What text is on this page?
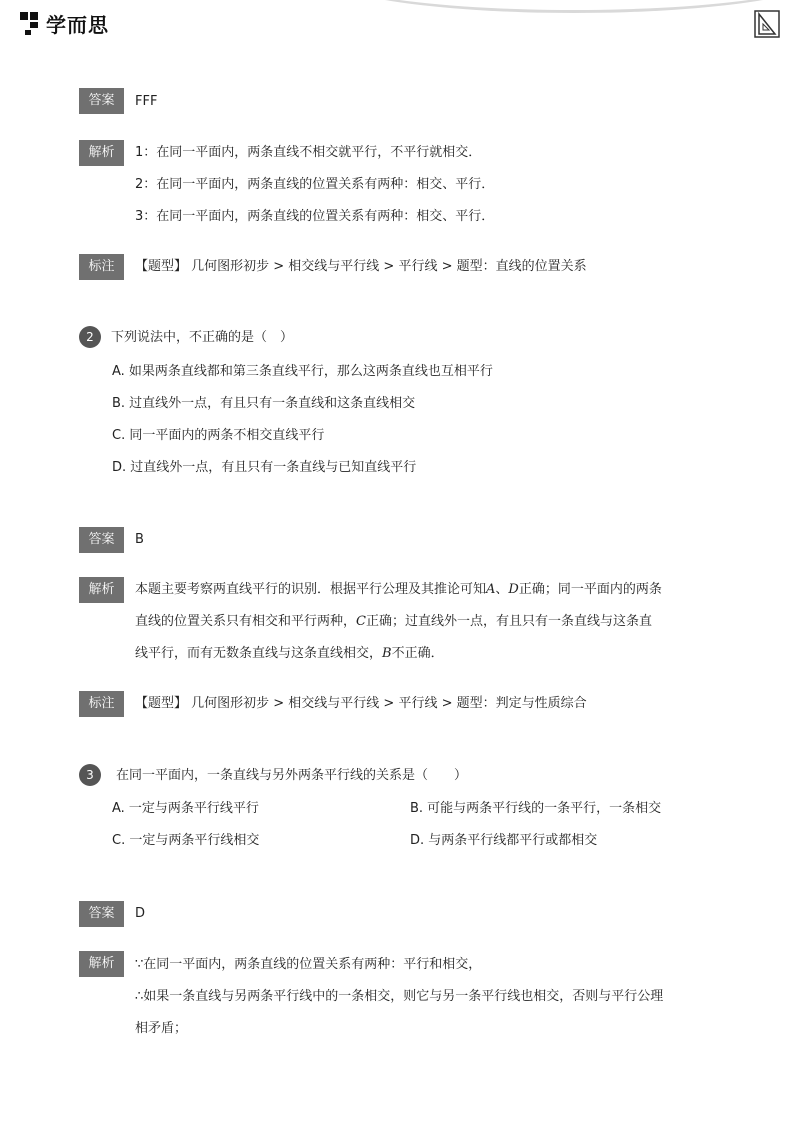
学而思
答案	FFF
解析	1：在同一平面内，两条直线不相交就平行，不平行就相交．
2：在同一平面内，两条直线的位置关系有两种：相交、平行．
3：在同一平面内，两条直线的位置关系有两种：相交、平行．
标注	【题型】 几何图形初步 > 相交线与平行线 > 平行线 > 题型：直线的位置关系
2	下列说法中，不正确的是（　）
A. 如果两条直线都和第三条直线平行，那么这两条直线也互相平行
B. 过直线外一点，有且只有一条直线和这条直线相交
C. 同一平面内的两条不相交直线平行
D. 过直线外一点，有且只有一条直线与已知直线平行
答案	B
解析	本题主要考察两直线平行的识别．根据平行公理及其推论可知A、D正确；同一平面内的两条
直线的位置关系只有相交和平行两种，C正确；过直线外一点，有且只有一条直线与这条直
线平行，而有无数条直线与这条直线相交，B不正确．
标注	【题型】 几何图形初步 > 相交线与平行线 > 平行线 > 题型：判定与性质综合
3	在同一平面内，一条直线与另外两条平行线的关系是（　　）
A. 一定与两条平行线平行	B. 可能与两条平行线的一条平行，一条相交
C. 一定与两条平行线相交	D. 与两条平行线都平行或都相交
答案	D
解析	∵在同一平面内，两条直线的位置关系有两种：平行和相交，
∴如果一条直线与另两条平行线中的一条相交，则它与另一条平行线也相交，否则与平行公理
相矛盾；
